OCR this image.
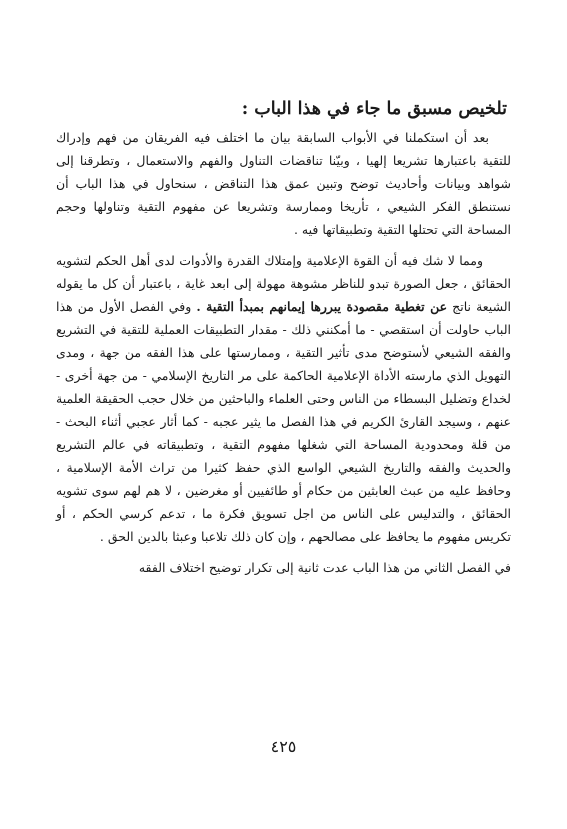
تلخيص مسبق ما جاء في هذا الباب :

بعد أن استكملنا في الأبواب السابقة بيان ما اختلف فيه الفريقان من فهم وإدراك للتقية باعتبارها تشريعا إلهيا ، وبيّنا تناقضات التناول والفهم والاستعمال ، وتطرقنا إلى شواهد وبيانات وأحاديث توضح وتبين عمق هذا التناقض ، سنحاول في هذا الباب أن نستنطق الفكر الشيعي ، تأريخا وممارسة وتشريعا عن مفهوم التقية وتناولها وحجم المساحة التي تحتلها التقية وتطبيقاتها فيه .

ومما لا شك فيه أن القوة الإعلامية وإمتلاك القدرة والأدوات لدى أهل الحكم لتشويه الحقائق ، جعل الصورة تبدو للناظر مشوهة مهولة إلى ابعد غاية ، باعتبار أن كل ما يقوله الشيعة ناتج عن تغطية مقصودة يبررها إيمانهم بمبدأ التقية . وفي الفصل الأول من هذا الباب حاولت أن استقصي - ما أمكنني ذلك - مقدار التطبيقات العملية للتقية في التشريع والفقه الشيعي لأستوضح مدى تأثير التقية ، وممارستها على هذا الفقه من جهة ، ومدى التهويل الذي مارسته الأداة الإعلامية الحاكمة على مر التاريخ الإسلامي - من جهة أخرى - لخداع وتضليل البسطاء من الناس وحتى العلماء والباحثين من خلال حجب الحقيقة العلمية عنهم ، وسيجد القارئ الكريم في هذا الفصل ما يثير عجبه - كما أثار عجبي أثناء البحث - من قلة ومحدودية المساحة التي شغلها مفهوم التقية ، وتطبيقاته في عالم التشريع والحديث والفقه والتاريخ الشيعي الواسع الذي حفظ كثيرا من تراث الأمة الإسلامية ، وحافظ عليه من عبث العابثين من حكام أو طائفيين أو مغرضين ، لا هم لهم سوى تشويه الحقائق ، والتدليس على الناس من اجل تسويق فكرة ما ، تدعم كرسي الحكم ، أو تكريس مفهوم ما يحافظ على مصالحهم ، وإن كان ذلك تلاعبا وعبثا بالدين الحق .

في الفصل الثاني من هذا الباب عدت ثانية إلى تكرار توضيح اختلاف الفقه

٤٢٥
